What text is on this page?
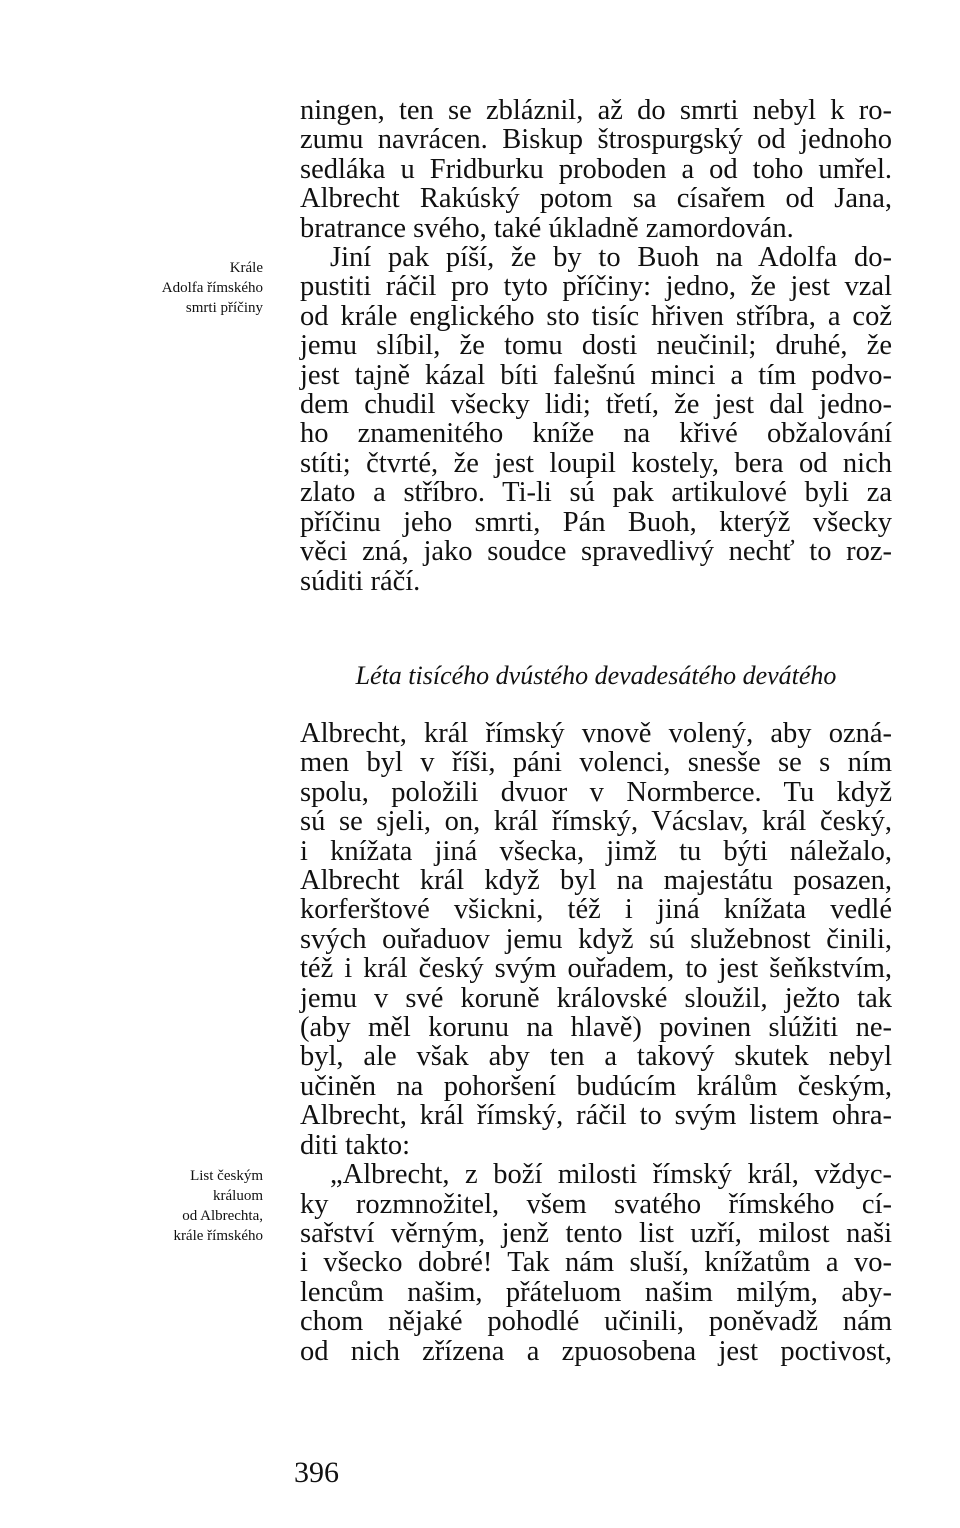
Krále
Adolfa římského
smrti příčiny
ningen, ten se zbláznil, až do smrti nebyl k ro-
zumu navrácen. Biskup štrospurgský od jednoho
sedláka u Fridburku proboden a od toho umřel.
Albrecht Rakúský potom sa císařem od Jana,
bratrance svého, také úkladně zamordován.
Jiní pak píší, že by to Buoh na Adolfa do-
pustiti ráčil pro tyto příčiny: jedno, že jest vzal
od krále englického sto tisíc hřiven stříbra, a což
jemu slíbil, že tomu dosti neučinil; druhé, že
jest tajně kázal bíti falešnú minci a tím podvo-
dem chudil všecky lidi; třetí, že jest dal jedno-
ho znamenitého kníže na křivé obžalování
stíti; čtvrté, že jest loupil kostely, bera od nich
zlato a stříbro. Ti-li sú pak artikulové byli za
příčinu jeho smrti, Pán Buoh, kterýž všecky
věci zná, jako soudce spravedlivý nechť to roz-
súditi ráčí.
Léta tisícého dvústého devadesátého devátého
Albrecht, král římský vnově volený, aby ozná-
men byl v říši, páni volenci, snesše se s ním
spolu, položili dvuor v Normberce. Tu když
sú se sjeli, on, král římský, Vácslav, král český,
i knížata jiná všecka, jimž tu býti náležalo,
Albrecht král když byl na majestátu posazen,
korferštové všickni, též i jiná knížata vedlé
svých ouřaduov jemu když sú služebnost činili,
též i král český svým ouřadem, to jest šeňkstvím,
jemu v své koruně královské sloužil, ježto tak
(aby měl korunu na hlavě) povinen slúžiti ne-
byl, ale však aby ten a takový skutek nebyl
učiněn na pohoršení budúcím králům českým,
Albrecht, král římský, ráčil to svým listem ohra-
diti takto:
„Albrecht, z boží milosti římský král, vždyc-
ky rozmnožitel, všem svatého římského cí-
sařství věrným, jenž tento list uzří, milost naši
i všecko dobré! Tak nám sluší, knížatům a vo-
lencům našim, přáteluom našim milým, aby-
chom nějaké pohodlé učinili, poněvadž nám
od nich zřízena a zpuosobena jest poctivost,
List českým
králuom
od Albrechta,
krále římského
396
